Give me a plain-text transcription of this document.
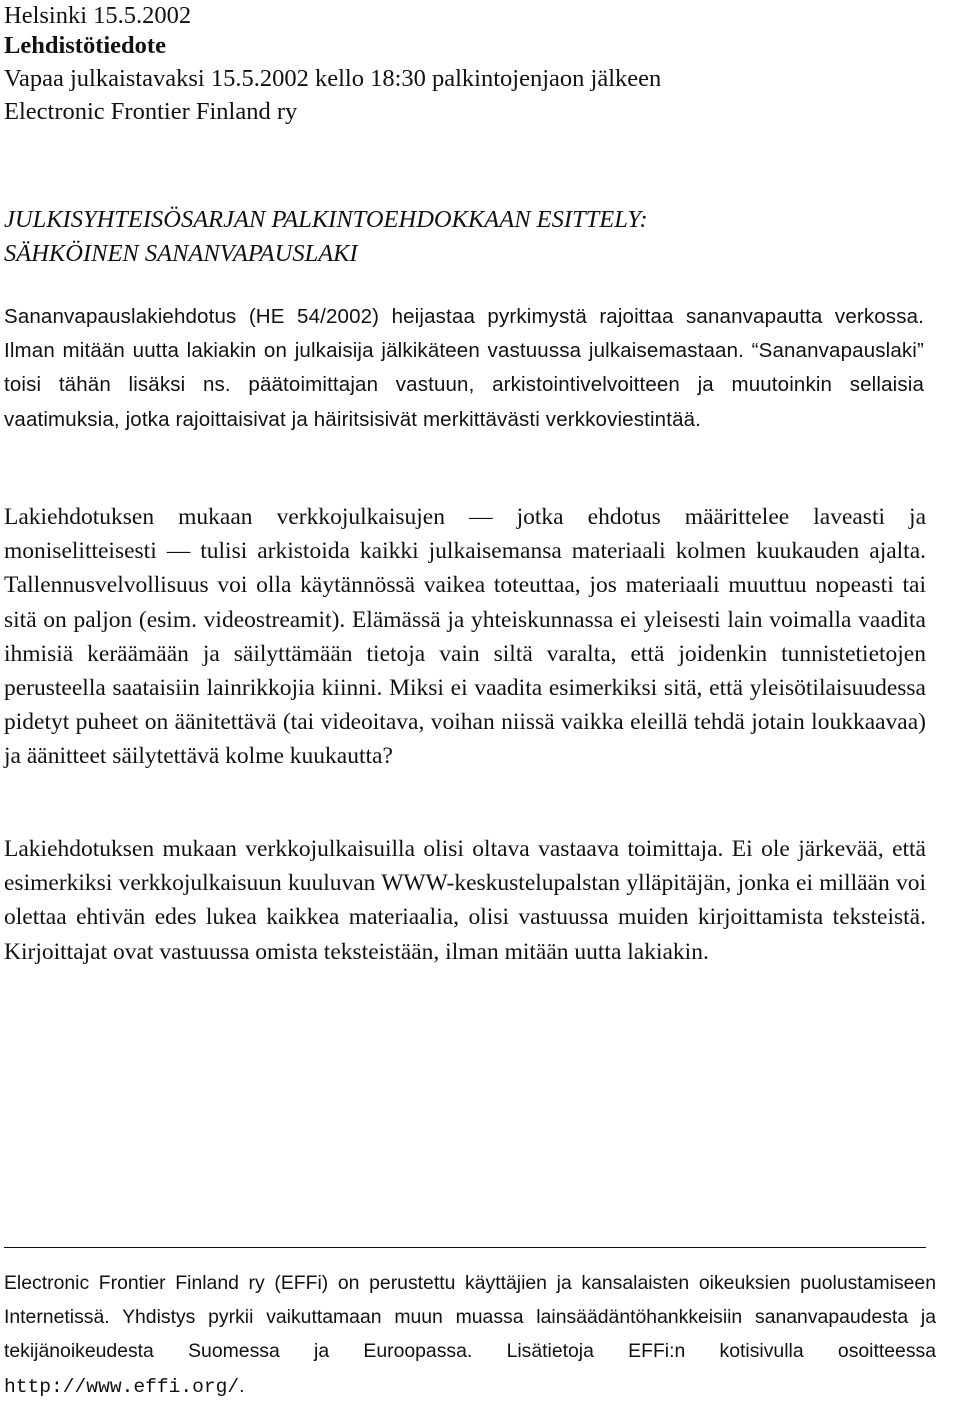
Helsinki 15.5.2002
Lehdistötiedote
Vapaa julkaistavaksi 15.5.2002 kello 18:30 palkintojenjaon jälkeen
Electronic Frontier Finland ry
JULKISYHTEISÖSARJAN PALKINTOEHDOKKAAN ESITTELY:
SÄHKÖINEN SANANVAPAUSLAKI

Sananvapauslakiehdotus (HE 54/2002) heijastaa pyrkimystä rajoittaa sananvapautta verkossa. Ilman mitään uutta lakiakin on julkaisija jälkikäteen vastuussa julkaisemastaan. “Sananvapauslaki” toisi tähän lisäksi ns. päätoimittajan vastuun, arkistointivelvoitteen ja muutoinkin sellaisia vaatimuksia, jotka rajoittaisivat ja häiritsisivät merkittävästi verkkoviestintää.

Lakiehdotuksen mukaan verkkojulkaisujen — jotka ehdotus määrittelee laveasti ja moniselitteisesti — tulisi arkistoida kaikki julkaisemansa materiaali kolmen kuukauden ajalta. Tallennusvelvollisuus voi olla käytännössä vaikea toteuttaa, jos materiaali muuttuu nopeasti tai sitä on paljon (esim. videostreamit). Elämässä ja yhteiskunnassa ei yleisesti lain voimalla vaadita ihmisiä keräämään ja säilyttämään tietoja vain siltä varalta, että joidenkin tunnistetietojen perusteella saataisiin lainrikkojia kiinni. Miksi ei vaadita esimerkiksi sitä, että yleisötilaisuudessa pidetyt puheet on äänitettävä (tai videoitava, voihan niissä vaikka eleillä tehdä jotain loukkaavaa) ja äänitteet säilytettävä kolme kuukautta?

Lakiehdotuksen mukaan verkkojulkaisuilla olisi oltava vastaava toimittaja. Ei ole järkevää, että esimerkiksi verkkojulkaisuun kuuluvan WWW-keskustelupalstan ylläpitäjän, jonka ei millään voi olettaa ehtivän edes lukea kaikkea materiaalia, olisi vastuussa muiden kirjoittamista teksteistä. Kirjoittajat ovat vastuussa omista teksteistään, ilman mitään uutta lakiakin.

Electronic Frontier Finland ry (EFFi) on perustettu käyttäjien ja kansalaisten oikeuksien puolustamiseen Internetissä. Yhdistys pyrkii vaikuttamaan muun muassa lainsäädäntöhankkeisiin sananvapaudesta ja tekijänoikeudesta Suomessa ja Euroopassa. Lisätietoja EFFi:n kotisivulla osoitteessa http://www.effi.org/.
